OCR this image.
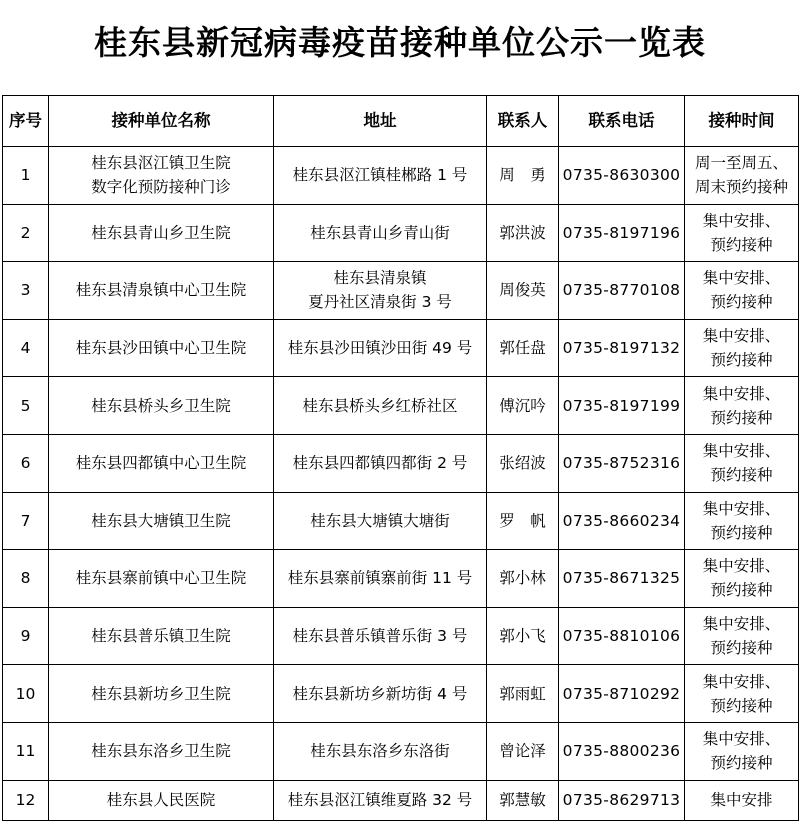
桂东县新冠病毒疫苗接种单位公示一览表
序号	接种单位名称	地址	联系人	联系电话	接种时间
1	桂东县沤江镇卫生院
数字化预防接种门诊	桂东县沤江镇桂郴路 1 号	周　勇	0735-8630300	周一至周五、
周末预约接种

2	桂东县青山乡卫生院	桂东县青山乡青山街	郭洪波	0735-8197196	集中安排、
预约接种

3	桂东县清泉镇中心卫生院	桂东县清泉镇
夏丹社区清泉街 3 号	周俊英	0735-8770108	集中安排、
预约接种

4	桂东县沙田镇中心卫生院	桂东县沙田镇沙田街 49 号	郭任盘	0735-8197132	集中安排、
预约接种

5	桂东县桥头乡卫生院	桂东县桥头乡红桥社区	傅沉吟	0735-8197199	集中安排、
预约接种

6	桂东县四都镇中心卫生院	桂东县四都镇四都街 2 号	张绍波	0735-8752316	集中安排、
预约接种

7	桂东县大塘镇卫生院	桂东县大塘镇大塘街	罗　帆	0735-8660234	集中安排、
预约接种

8	桂东县寨前镇中心卫生院	桂东县寨前镇寨前街 11 号	郭小林	0735-8671325	集中安排、
预约接种

9	桂东县普乐镇卫生院	桂东县普乐镇普乐街 3 号	郭小飞	0735-8810106	集中安排、
预约接种

10	桂东县新坊乡卫生院	桂东县新坊乡新坊街 4 号	郭雨虹	0735-8710292	集中安排、
预约接种

11	桂东县东洛乡卫生院	桂东县东洛乡东洛街	曾论泽	0735-8800236	集中安排、
预约接种

12	桂东县人民医院	桂东县沤江镇维夏路 32 号	郭慧敏	0735-8629713	集中安排
